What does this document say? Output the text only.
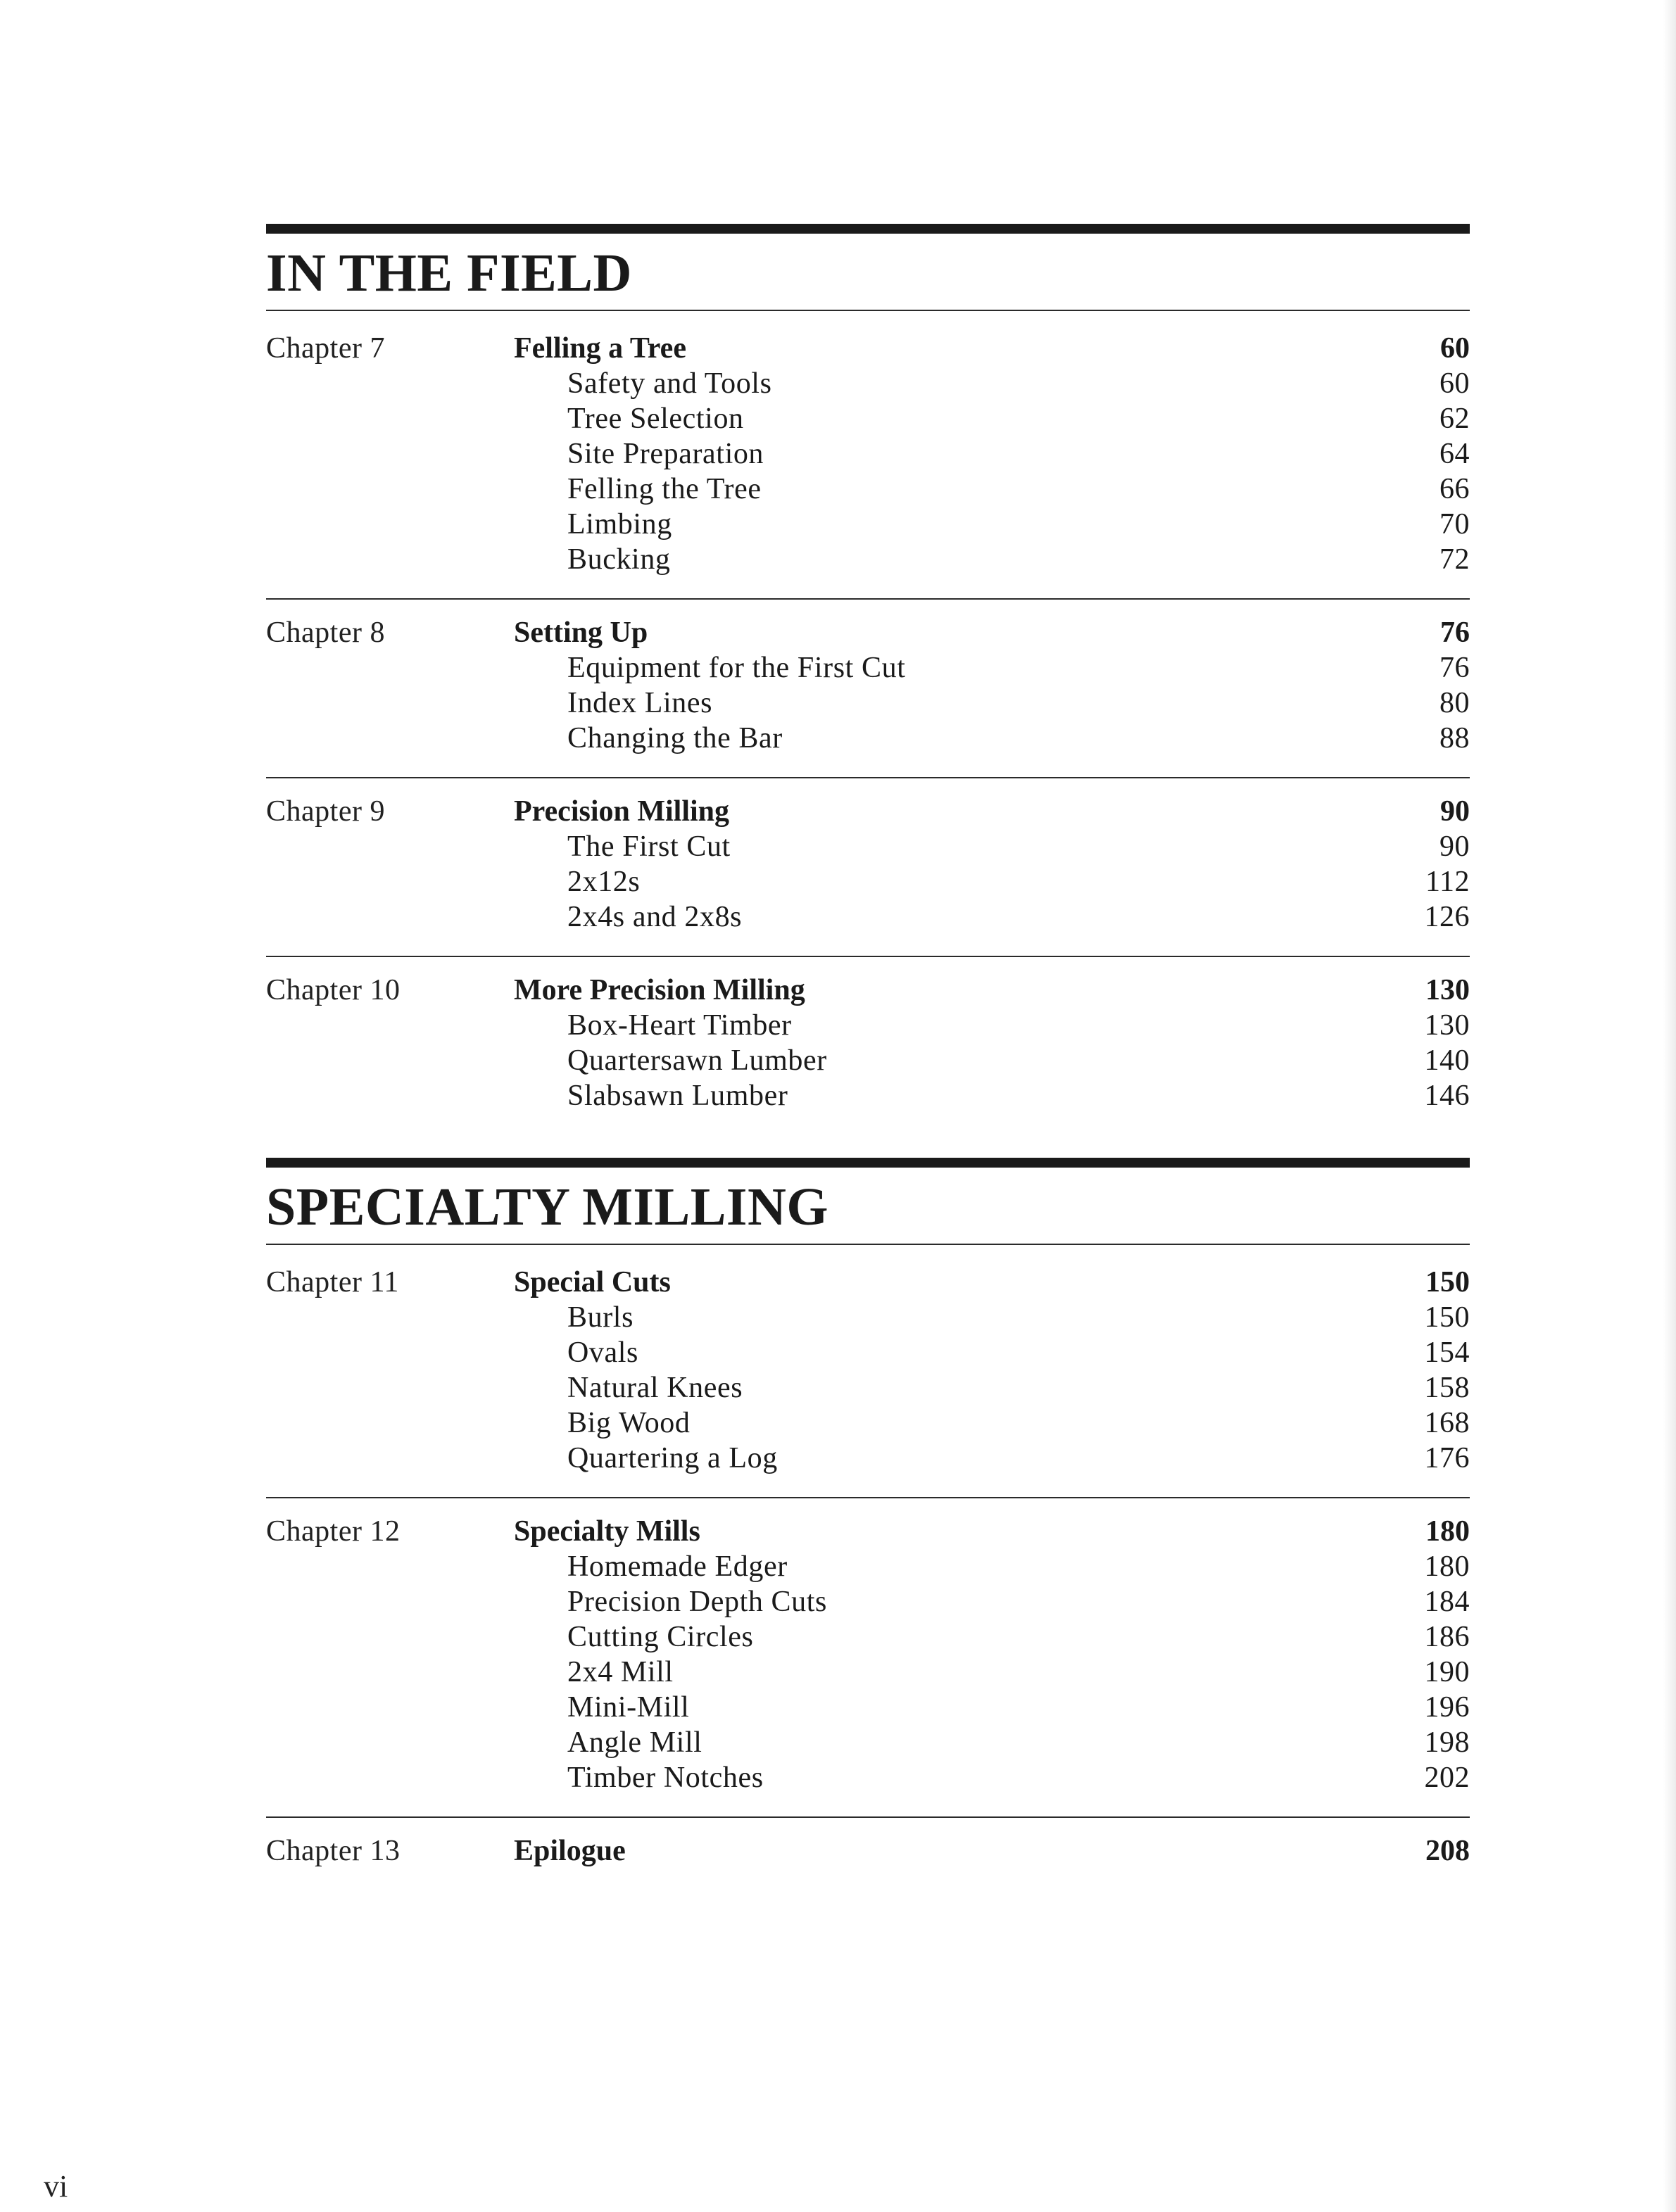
IN THE FIELD
Chapter 7	Felling a Tree	60
Safety and Tools	60
Tree Selection	62
Site Preparation	64
Felling the Tree	66
Limbing	70
Bucking	72
Chapter 8	Setting Up	76
Equipment for the First Cut	76
Index Lines	80
Changing the Bar	88
Chapter 9	Precision Milling	90
The First Cut	90
2x12s	112
2x4s and 2x8s	126
Chapter 10	More Precision Milling	130
Box-Heart Timber	130
Quartersawn Lumber	140
Slabsawn Lumber	146
SPECIALTY MILLING
Chapter 11	Special Cuts	150
Burls	150
Ovals	154
Natural Knees	158
Big Wood	168
Quartering a Log	176
Chapter 12	Specialty Mills	180
Homemade Edger	180
Precision Depth Cuts	184
Cutting Circles	186
2x4 Mill	190
Mini-Mill	196
Angle Mill	198
Timber Notches	202
Chapter 13	Epilogue	208
vi
